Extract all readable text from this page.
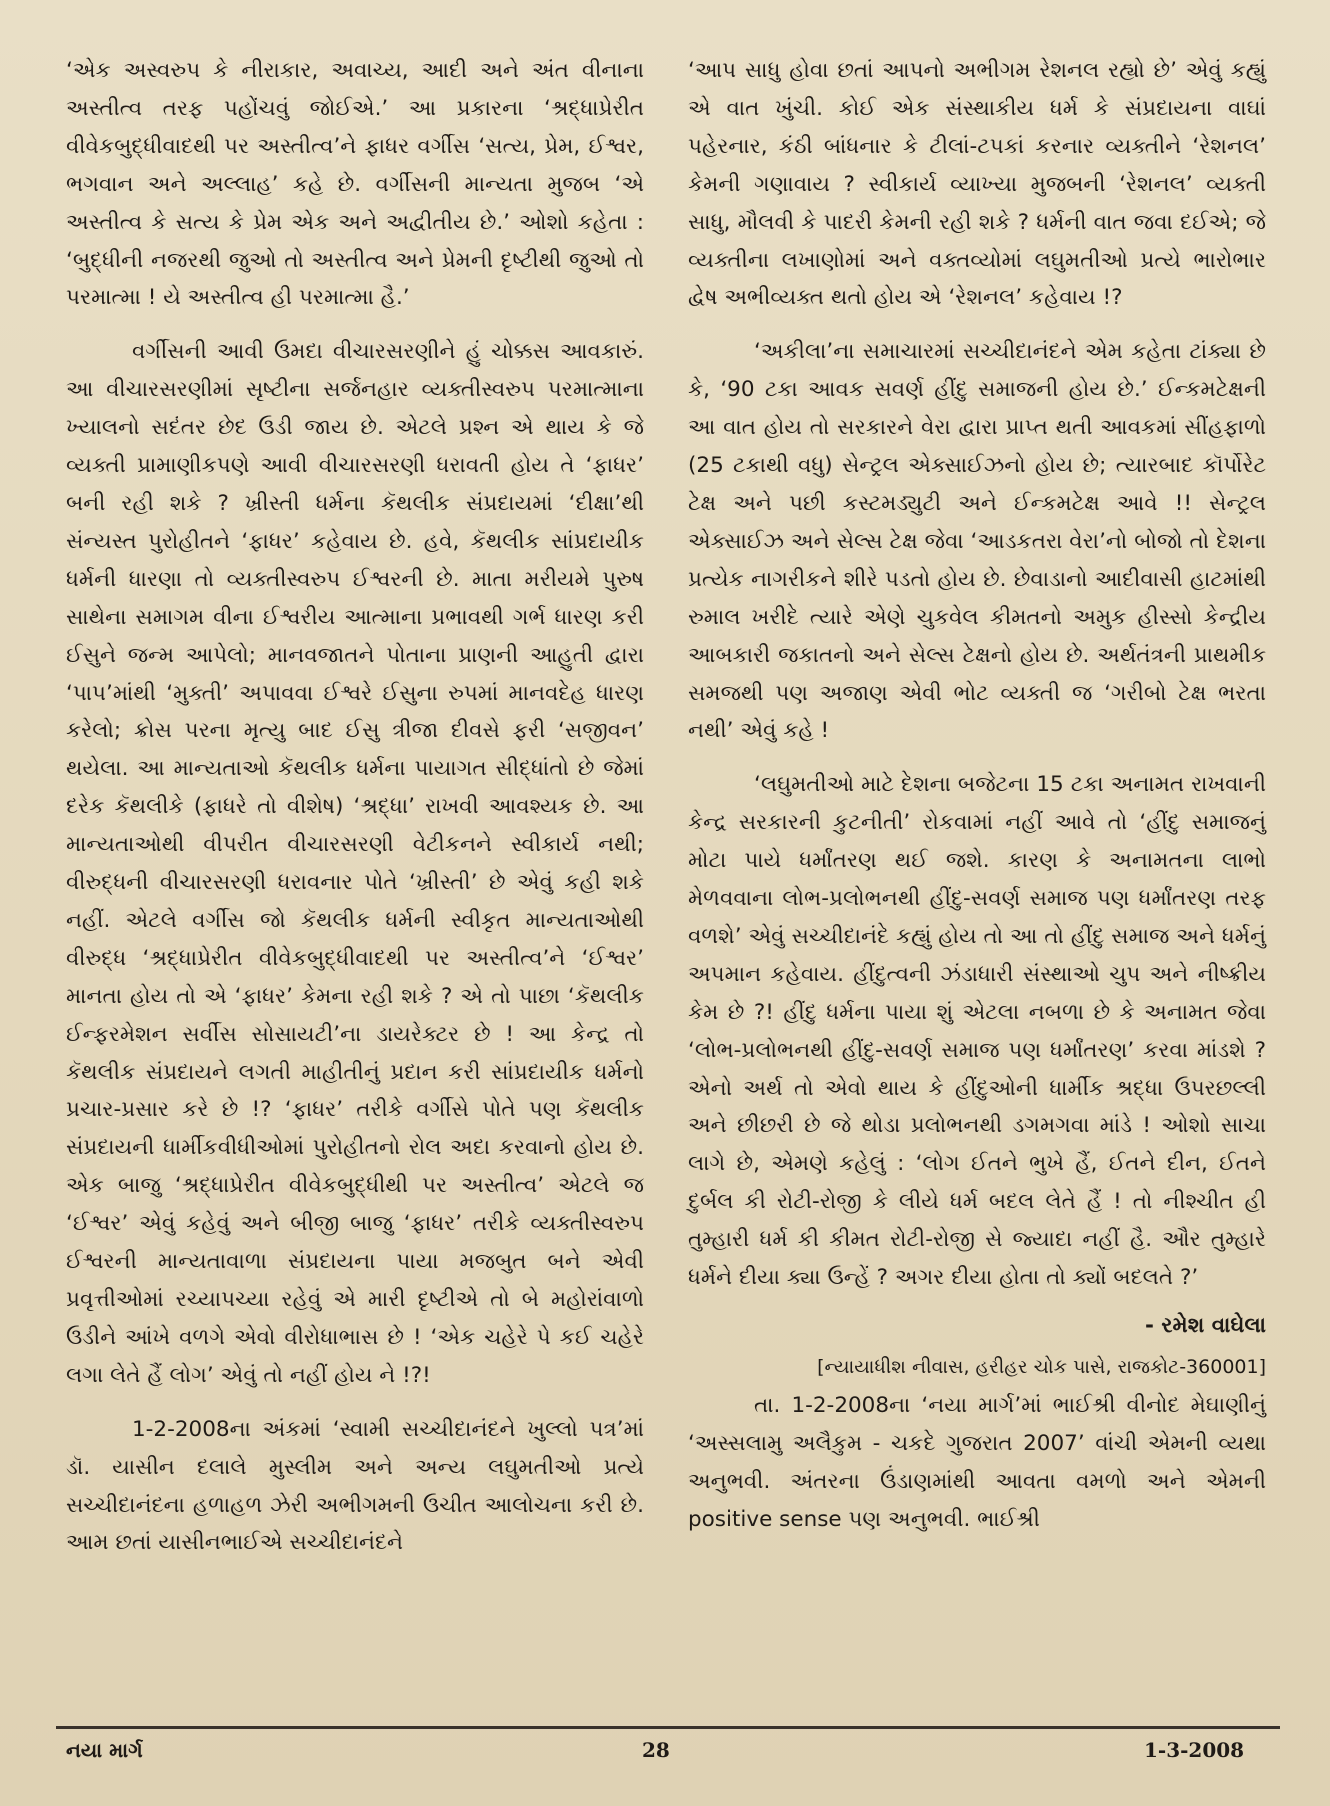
‘એક અસ્વરુપ કે નીરાકાર, અવાચ્ય, આદી અને અંત વીનાના અસ્તીત્વ તરફ પહોંચવું જોઈએ.’ આ પ્રકારના ‘શ્રદ્ધાપ્રેરીત વીવેકબુદ્ધીવાદથી પર અસ્તીત્વ’ને ફાધર વર્ગીસ ‘સત્ય, પ્રેમ, ઈશ્વર, ભગવાન અને અલ્લાહ’ કહે છે. વર્ગીસની માન્યતા મુજબ ‘એ અસ્તીત્વ કે સત્ય કે પ્રેમ એક અને અદ્વીતીય છે.’ ઓશો કહેતા : ‘બુદ્ધીની નજરથી જુઓ તો અસ્તીત્વ અને પ્રેમની દૃષ્ટીથી જુઓ તો પરમાત્મા ! યે અસ્તીત્વ હી પરમાત્મા હૈ.’

વર્ગીસની આવી ઉમદા વીચારસરણીને હું ચોક્કસ આવકારું. આ વીચારસરણીમાં સૃષ્ટીના સર્જનહાર વ્યક્તીસ્વરુપ પરમાત્માના ખ્યાલનો સદંતર છેદ ઉડી જાય છે. એટલે પ્રશ્ન એ થાય કે જે વ્યક્તી પ્રામાણીકપણે આવી વીચારસરણી ધરાવતી હોય તે ‘ફાધર’ બની રહી શકે ? ખ્રીસ્તી ધર્મના કૅથલીક સંપ્રદાયમાં ‘દીક્ષા’થી સંન્યસ્ત પુરોહીતને ‘ફાધર’ કહેવાય છે. હવે, કૅથલીક સાંપ્રદાયીક ધર્મની ધારણા તો વ્યક્તીસ્વરુપ ઈશ્વરની છે. માતા મરીયમે પુરુષ સાથેના સમાગમ વીના ઈશ્વરીય આત્માના પ્રભાવથી ગર્ભ ધારણ કરી ઈસુને જન્મ આપેલો; માનવજાતને પોતાના પ્રાણની આહુતી દ્વારા ‘પાપ’માંથી ‘મુક્તી’ અપાવવા ઈશ્વરે ઈસુના રુપમાં માનવદેહ ધારણ કરેલો; ક્રોસ પરના મૃત્યુ બાદ ઈસુ ત્રીજા દીવસે ફરી ‘સજીવન’ થયેલા. આ માન્યતાઓ કૅથલીક ધર્મના પાયાગત સીદ્ધાંતો છે જેમાં દરેક કૅથલીકે (ફાધરે તો વીશેષ) ‘શ્રદ્ધા’ રાખવી આવશ્યક છે. આ માન્યતાઓથી વીપરીત વીચારસરણી વેટીકનને સ્વીકાર્ય નથી; વીરુદ્ધની વીચારસરણી ધરાવનાર પોતે ‘ખ્રીસ્તી’ છે એવું કહી શકે નહીં. એટલે વર્ગીસ જો કૅથલીક ધર્મની સ્વીકૃત માન્યતાઓથી વીરુદ્ધ ‘શ્રદ્ધાપ્રેરીત વીવેકબુદ્ધીવાદથી પર અસ્તીત્વ’ને ‘ઈશ્વર’ માનતા હોય તો એ ‘ફાધર’ કેમના રહી શકે ? એ તો પાછા ‘કૅથલીક ઈન્ફરમેશન સર્વીસ સોસાયટી’ના ડાયરેક્ટર છે ! આ કેન્દ્ર તો કૅથલીક સંપ્રદાયને લગતી માહીતીનું પ્રદાન કરી સાંપ્રદાયીક ધર્મનો પ્રચાર-પ્રસાર કરે છે !? ‘ફાધર’ તરીકે વર્ગીસે પોતે પણ કૅથલીક સંપ્રદાયની ધાર્મીકવીધીઓમાં પુરોહીતનો રોલ અદા કરવાનો હોય છે. એક બાજુ ‘શ્રદ્ધાપ્રેરીત વીવેકબુદ્ધીથી પર અસ્તીત્વ’ એટલે જ ‘ઈશ્વર’ એવું કહેવું અને બીજી બાજુ ‘ફાધર’ તરીકે વ્યક્તીસ્વરુપ ઈશ્વરની માન્યતાવાળા સંપ્રદાયના પાયા મજબુત બને એવી પ્રવૃત્તીઓમાં રચ્યાપચ્યા રહેવું એ મારી દૃષ્ટીએ તો બે મહોરાંવાળો ઉડીને આંખે વળગે એવો વીરોધાભાસ છે ! ‘એક ચહેરે પે કઈ ચહેરે લગા લેતે હૈં લોગ’ એવું તો નહીં હોય ને !?!

1-2-2008ના અંકમાં ‘સ્વામી સચ્ચીદાનંદને ખુલ્લો પત્ર’માં ડૉ. યાસીન દલાલે મુસ્લીમ અને અન્ય લઘુમતીઓ પ્રત્યે સચ્ચીદાનંદના હળાહળ ઝેરી અભીગમની ઉચીત આલોચના કરી છે. આમ છતાં યાસીનભાઈએ સચ્ચીદાનંદને

‘આપ સાધુ હોવા છતાં આપનો અભીગમ રેશનલ રહ્યો છે’ એવું કહ્યું એ વાત ખુંચી. કોઈ એક સંસ્થાકીય ધર્મ કે સંપ્રદાયના વાઘાં પહેરનાર, કંઠી બાંધનાર કે ટીલાં-ટપકાં કરનાર વ્યક્તીને ‘રેશનલ’ કેમની ગણાવાય ? સ્વીકાર્ય વ્યાખ્યા મુજબની ‘રેશનલ’ વ્યક્તી સાધુ, મૌલવી કે પાદરી કેમની રહી શકે ? ધર્મની વાત જવા દઈએ; જે વ્યક્તીના લખાણોમાં અને વક્તવ્યોમાં લઘુમતીઓ પ્રત્યે ભારોભાર દ્વેષ અભીવ્યક્ત થતો હોય એ ‘રેશનલ’ કહેવાય !?

‘અકીલા’ના સમાચારમાં સચ્ચીદાનંદને એમ કહેતા ટાંક્યા છે કે, ‘90 ટકા આવક સવર્ણ હીંદુ સમાજની હોય છે.’ ઈન્કમટેક્ષની આ વાત હોય તો સરકારને વેરા દ્વારા પ્રાપ્ત થતી આવકમાં સીંહફાળો (25 ટકાથી વધુ) સેન્ટ્રલ એક્સાઈઝનો હોય છે; ત્યારબાદ કૉર્પોરેટ ટેક્ષ અને પછી કસ્ટમડ્યુટી અને ઈન્કમટેક્ષ આવે !! સેન્ટ્રલ એક્સાઈઝ અને સેલ્સ ટેક્ષ જેવા ‘આડકતરા વેરા’નો બોજો તો દેશના પ્રત્યેક નાગરીકને શીરે પડતો હોય છે. છેવાડાનો આદીવાસી હાટમાંથી રુમાલ ખરીદે ત્યારે એણે ચુકવેલ કીમતનો અમુક હીસ્સો કેન્દ્રીય આબકારી જકાતનો અને સેલ્સ ટેક્ષનો હોય છે. અર્થતંત્રની પ્રાથમીક સમજથી પણ અજાણ એવી ભોટ વ્યક્તી જ ‘ગરીબો ટેક્ષ ભરતા નથી’ એવું કહે !

‘લઘુમતીઓ માટે દેશના બજેટના 15 ટકા અનામત રાખવાની કેન્દ્ર સરકારની કુટનીતી’ રોકવામાં નહીં આવે તો ‘હીંદુ સમાજનું મોટા પાયે ધર્માંતરણ થઈ જશે. કારણ કે અનામતના લાભો મેળવવાના લોભ-પ્રલોભનથી હીંદુ-સવર્ણ સમાજ પણ ધર્માંતરણ તરફ વળશે’ એવું સચ્ચીદાનંદે કહ્યું હોય તો આ તો હીંદુ સમાજ અને ધર્મનું અપમાન કહેવાય. હીંદુત્વની ઝંડાધારી સંસ્થાઓ ચુપ અને નીષ્ક્રીય કેમ છે ?! હીંદુ ધર્મના પાયા શું એટલા નબળા છે કે અનામત જેવા ‘લોભ-પ્રલોભનથી હીંદુ-સવર્ણ સમાજ પણ ધર્માંતરણ’ કરવા માંડશે ? એનો અર્થ તો એવો થાય કે હીંદુઓની ધાર્મીક શ્રદ્ધા ઉપરછલ્લી અને છીછરી છે જે થોડા પ્રલોભનથી ડગમગવા માંડે ! ઓશો સાચા લાગે છે, એમણે કહેલું : ‘લોગ ઈતને ભુખે હૈં, ઈતને દીન, ઈતને દુર્બલ કી રોટી-રોજી કે લીયે ધર્મ બદલ લેતે હૈં ! તો નીશ્ચીત હી તુમ્હારી ધર્મ કી કીમત રોટી-રોજી સે જ્યાદા નહીં હૈ. ઔર તુમ્હારે ધર્મને દીયા ક્યા ઉન્હેં ? અગર દીયા હોતા તો ક્યોં બદલતે ?’

- રમેશ વાઘેલા

[ન્યાયાધીશ નીવાસ, હરીહર ચોક પાસે, રાજકોટ-360001]

તા. 1-2-2008ના ‘નયા માર્ગ’માં ભાઈશ્રી વીનોદ મેઘાણીનું ‘અસ્સલામુ અલૈકુમ - ચકદે ગુજરાત 2007’ વાંચી એમની વ્યથા અનુભવી. અંતરના ઉંડાણમાંથી આવતા વમળો અને એમની positive sense પણ અનુભવી. ભાઈશ્રી

નયા માર્ગ	28	1-3-2008
